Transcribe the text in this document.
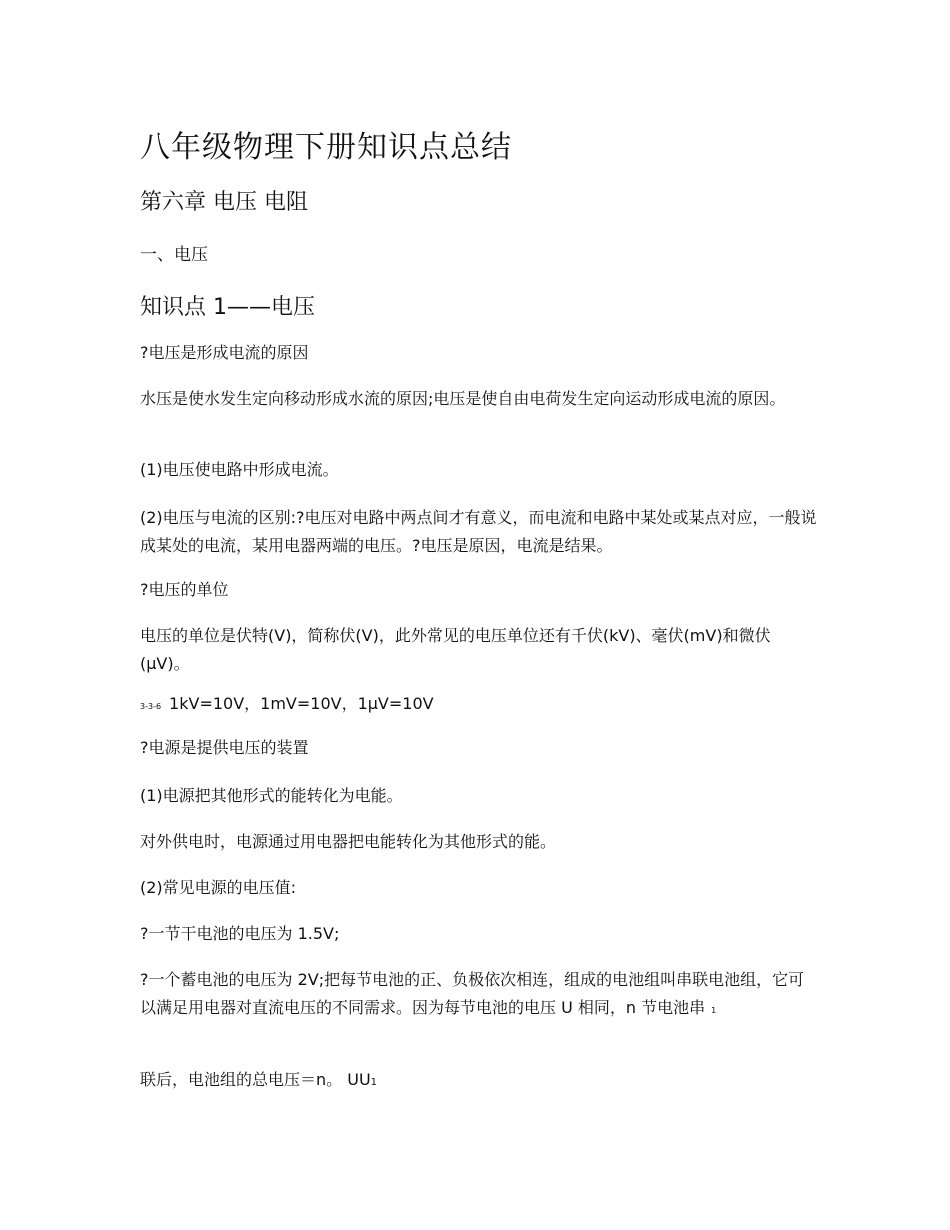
八年级物理下册知识点总结
第六章 电压 电阻
一、电压
知识点 1——电压

?电压是形成电流的原因

水压是使水发生定向移动形成水流的原因;电压是使自由电荷发生定向运动形成电流的原因。

(1)电压使电路中形成电流。

(2)电压与电流的区别:?电压对电路中两点间才有意义，而电流和电路中某处或某点对应，一般说成某处的电流，某用电器两端的电压。?电压是原因，电流是结果。

?电压的单位

电压的单位是伏特(V)，简称伏(V)，此外常见的电压单位还有千伏(kV)、毫伏(mV)和微伏(μV)。

3-3-6 1kV=10V，1mV=10V，1μV=10V

?电源是提供电压的装置

(1)电源把其他形式的能转化为电能。

对外供电时，电源通过用电器把电能转化为其他形式的能。

(2)常见电源的电压值:

?一节干电池的电压为 1.5V;

?一个蓄电池的电压为 2V;把每节电池的正、负极依次相连，组成的电池组叫串联电池组，它可以满足用电器对直流电压的不同需求。因为每节电池的电压 U 相同，n 节电池串 1

联后，电池组的总电压＝n。 UU1
